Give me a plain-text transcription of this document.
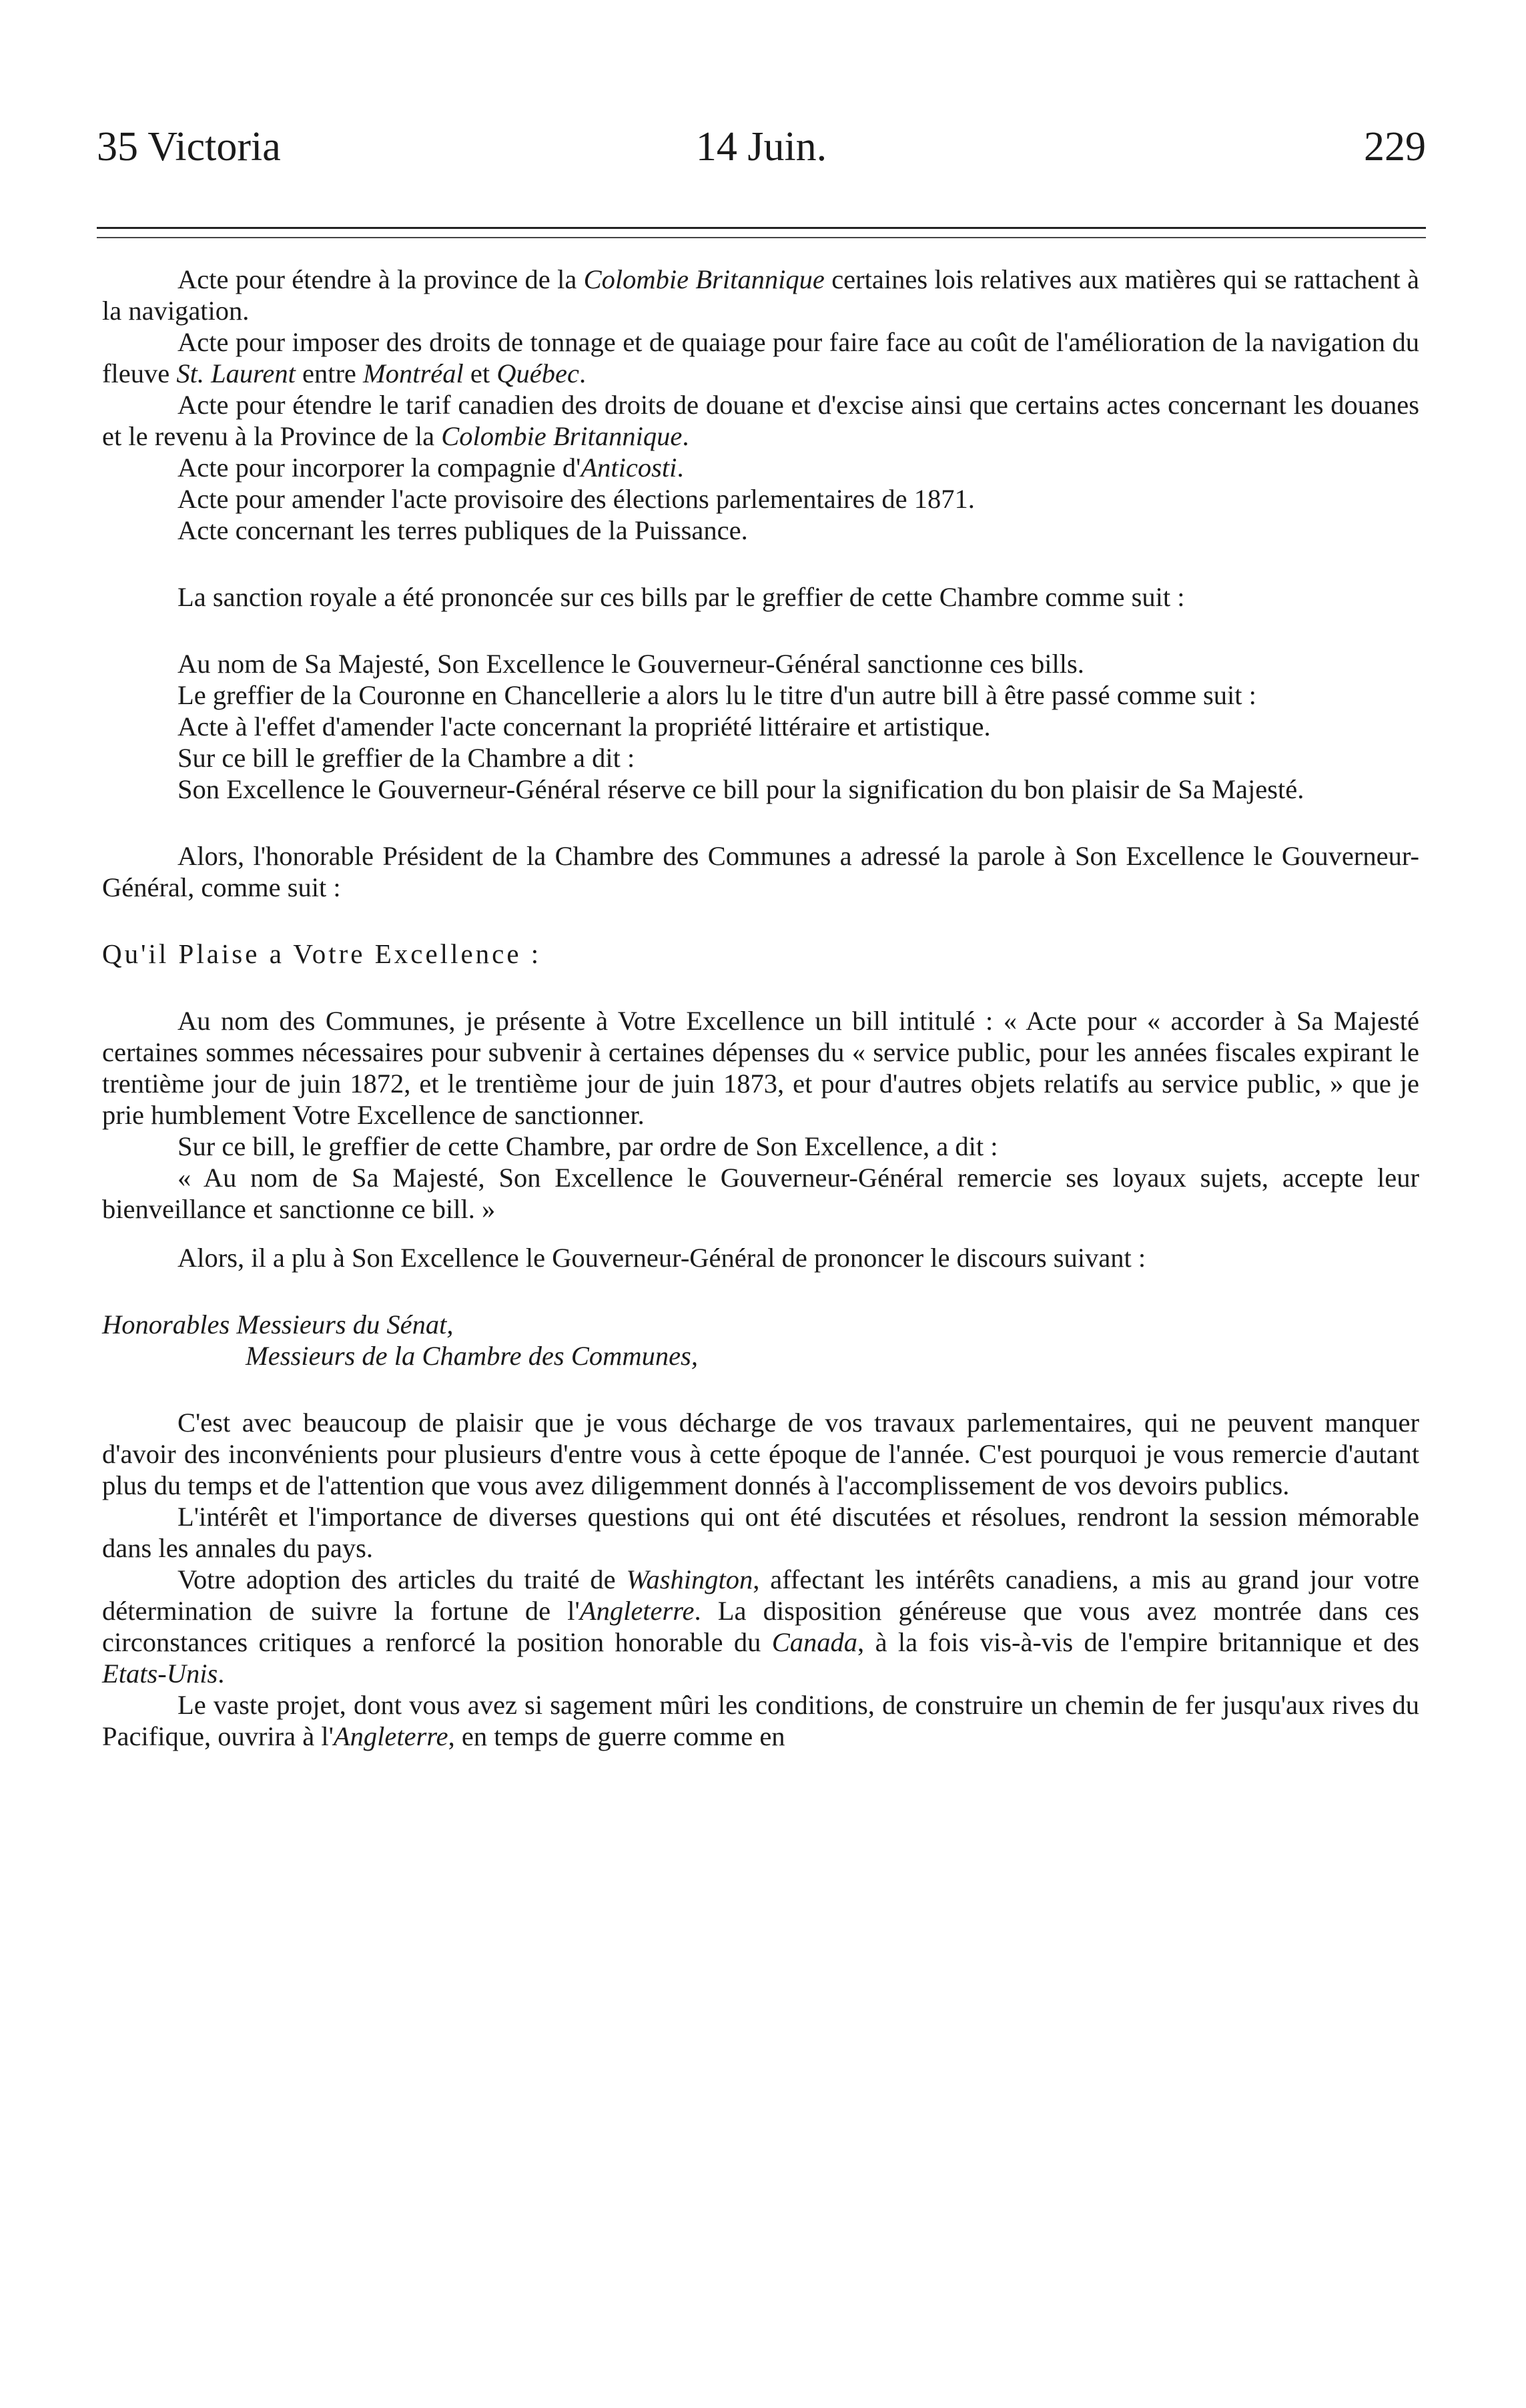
35 Victoria	14 Juin.	229

Acte pour étendre à la province de la Colombie Britannique certaines lois relatives aux matières qui se rattachent à la navigation.

Acte pour imposer des droits de tonnage et de quaiage pour faire face au coût de l'amélioration de la navigation du fleuve St. Laurent entre Montréal et Québec.

Acte pour étendre le tarif canadien des droits de douane et d'excise ainsi que certains actes concernant les douanes et le revenu à la Province de la Colombie Britannique.

Acte pour incorporer la compagnie d'Anticosti.

Acte pour amender l'acte provisoire des élections parlementaires de 1871.

Acte concernant les terres publiques de la Puissance.

La sanction royale a été prononcée sur ces bills par le greffier de cette Chambre comme suit :

Au nom de Sa Majesté, Son Excellence le Gouverneur-Général sanctionne ces bills.

Le greffier de la Couronne en Chancellerie a alors lu le titre d'un autre bill à être passé comme suit :

Acte à l'effet d'amender l'acte concernant la propriété littéraire et artistique.

Sur ce bill le greffier de la Chambre a dit :

Son Excellence le Gouverneur-Général réserve ce bill pour la signification du bon plaisir de Sa Majesté.

Alors, l'honorable Président de la Chambre des Communes a adressé la parole à Son Excellence le Gouverneur-Général, comme suit :

Qu'il Plaise a Votre Excellence :

Au nom des Communes, je présente à Votre Excellence un bill intitulé : « Acte pour « accorder à Sa Majesté certaines sommes nécessaires pour subvenir à certaines dépenses du « service public, pour les années fiscales expirant le trentième jour de juin 1872, et le trentième jour de juin 1873, et pour d'autres objets relatifs au service public, » que je prie humblement Votre Excellence de sanctionner.

Sur ce bill, le greffier de cette Chambre, par ordre de Son Excellence, a dit :

« Au nom de Sa Majesté, Son Excellence le Gouverneur-Général remercie ses loyaux sujets, accepte leur bienveillance et sanctionne ce bill. »

Alors, il a plu à Son Excellence le Gouverneur-Général de prononcer le discours suivant :

Honorables Messieurs du Sénat,

Messieurs de la Chambre des Communes,

C'est avec beaucoup de plaisir que je vous décharge de vos travaux parlementaires, qui ne peuvent manquer d'avoir des inconvénients pour plusieurs d'entre vous à cette époque de l'année. C'est pourquoi je vous remercie d'autant plus du temps et de l'attention que vous avez diligemment donnés à l'accomplissement de vos devoirs publics.

L'intérêt et l'importance de diverses questions qui ont été discutées et résolues, rendront la session mémorable dans les annales du pays.

Votre adoption des articles du traité de Washington, affectant les intérêts canadiens, a mis au grand jour votre détermination de suivre la fortune de l'Angleterre. La disposition généreuse que vous avez montrée dans ces circonstances critiques a renforcé la position honorable du Canada, à la fois vis-à-vis de l'empire britannique et des Etats-Unis.

Le vaste projet, dont vous avez si sagement mûri les conditions, de construire un chemin de fer jusqu'aux rives du Pacifique, ouvrira à l'Angleterre, en temps de guerre comme en
